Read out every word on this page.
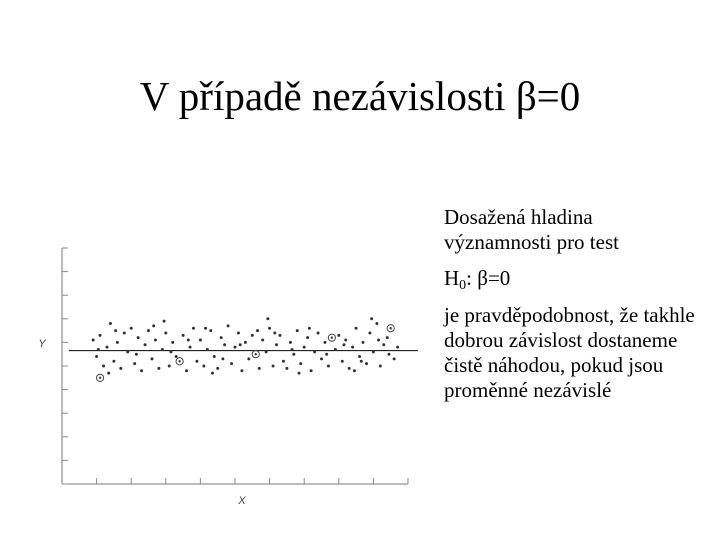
V případě nezávislosti β=0
Dosažená hladina
významnosti pro test
$H_0$: β=0
je pravděpodobnost, že takhle dobrou závislost dostaneme čistě náhodou, pokud jsou proměnné nezávislé
Y
X
